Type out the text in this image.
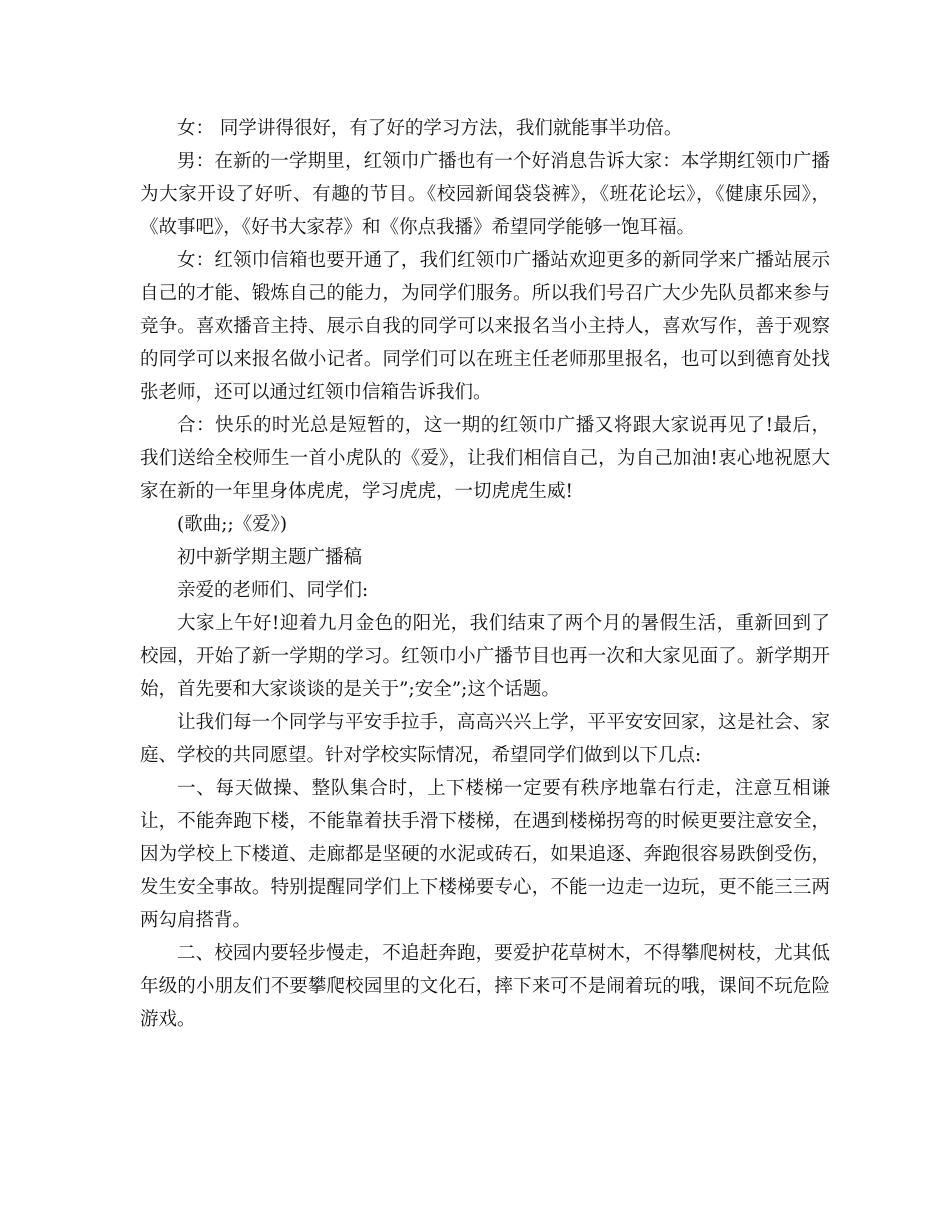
女： 同学讲得很好，有了好的学习方法，我们就能事半功倍。

男：在新的一学期里，红领巾广播也有一个好消息告诉大家：本学期红领巾广播为大家开设了好听、有趣的节目。《校园新闻袋袋裤》，《班花论坛》，《健康乐园》，《故事吧》，《好书大家荐》和《你点我播》希望同学能够一饱耳福。

女：红领巾信箱也要开通了，我们红领巾广播站欢迎更多的新同学来广播站展示自己的才能、锻炼自己的能力，为同学们服务。所以我们号召广大少先队员都来参与竞争。喜欢播音主持、展示自我的同学可以来报名当小主持人，喜欢写作，善于观察的同学可以来报名做小记者。同学们可以在班主任老师那里报名，也可以到德育处找张老师，还可以通过红领巾信箱告诉我们。

合：快乐的时光总是短暂的，这一期的红领巾广播又将跟大家说再见了!最后，我们送给全校师生一首小虎队的《爱》，让我们相信自己，为自己加油!衷心地祝愿大家在新的一年里身体虎虎，学习虎虎，一切虎虎生威!

(歌曲;;《爱》)

初中新学期主题广播稿

亲爱的老师们、同学们:

大家上午好!迎着九月金色的阳光，我们结束了两个月的暑假生活，重新回到了校园，开始了新一学期的学习。红领巾小广播节目也再一次和大家见面了。新学期开始，首先要和大家谈谈的是关于”;安全”;这个话题。

让我们每一个同学与平安手拉手，高高兴兴上学，平平安安回家，这是社会、家庭、学校的共同愿望。针对学校实际情况，希望同学们做到以下几点:

一、每天做操、整队集合时，上下楼梯一定要有秩序地靠右行走，注意互相谦让，不能奔跑下楼，不能靠着扶手滑下楼梯，在遇到楼梯拐弯的时候更要注意安全，因为学校上下楼道、走廊都是坚硬的水泥或砖石，如果追逐、奔跑很容易跌倒受伤，发生安全事故。特别提醒同学们上下楼梯要专心，不能一边走一边玩，更不能三三两两勾肩搭背。

二、校园内要轻步慢走，不追赶奔跑，要爱护花草树木，不得攀爬树枝，尤其低年级的小朋友们不要攀爬校园里的文化石，摔下来可不是闹着玩的哦，课间不玩危险游戏。
